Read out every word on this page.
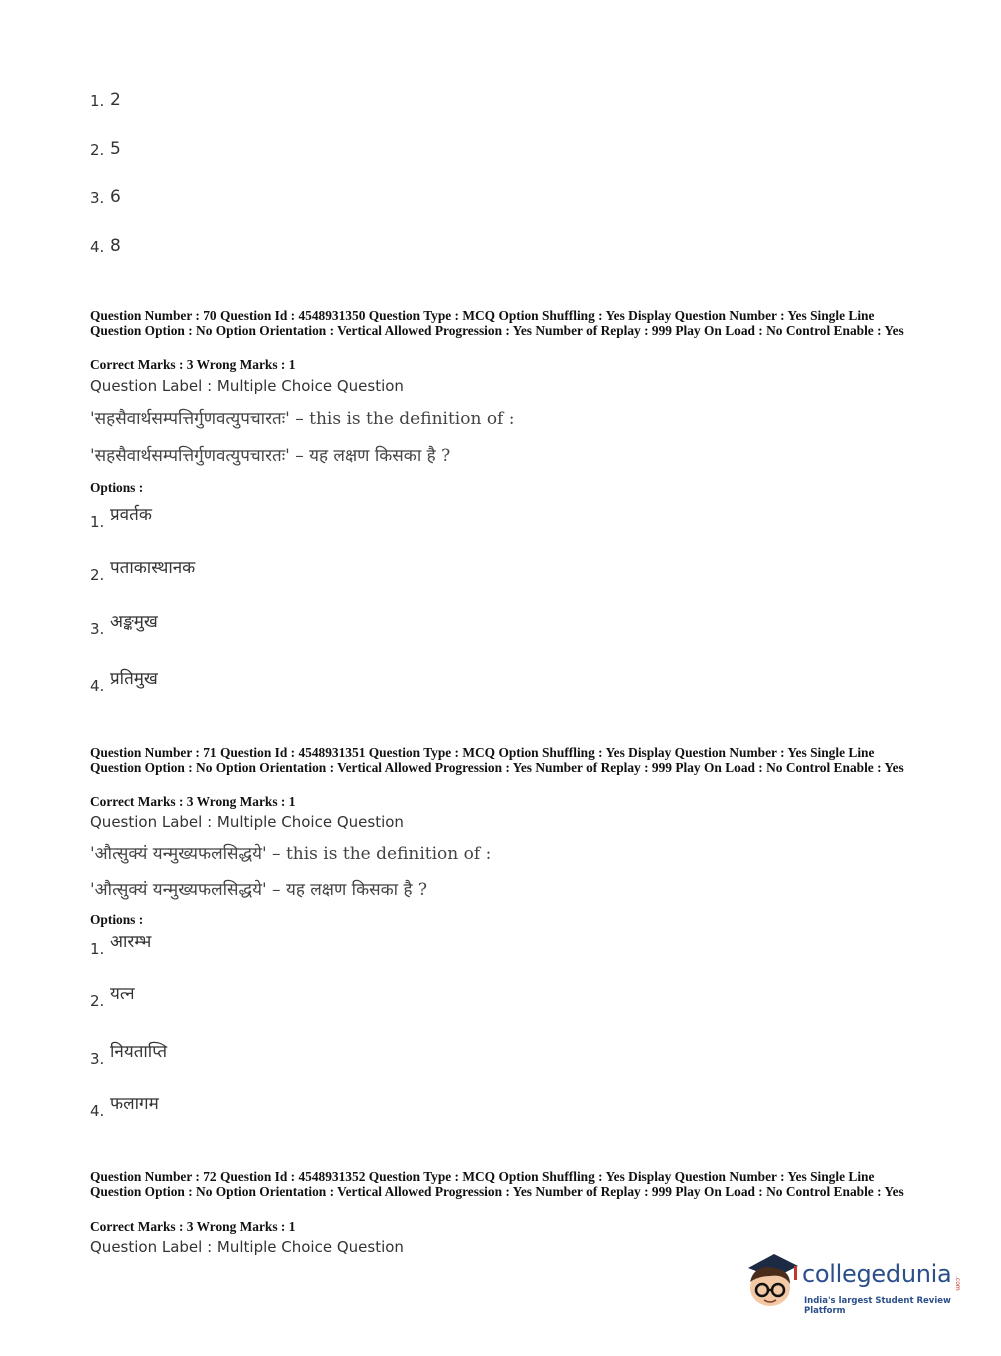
1. 2
2. 5
3. 6
4. 8
Question Number : 70 Question Id : 4548931350 Question Type : MCQ Option Shuffling : Yes Display Question Number : Yes Single Line Question Option : No Option Orientation : Vertical Allowed Progression : Yes Number of Replay : 999 Play On Load : No Control Enable : Yes
Correct Marks : 3 Wrong Marks : 1
Question Label : Multiple Choice Question
'सहसैवार्थसम्पत्तिर्गुणवत्युपचारतः' – this is the definition of :
'सहसैवार्थसम्पत्तिर्गुणवत्युपचारतः' – यह लक्षण किसका है ?
Options :
1. प्रवर्तक
2. पताकास्थानक
3. अङ्कमुख
4. प्रतिमुख
Question Number : 71 Question Id : 4548931351 Question Type : MCQ Option Shuffling : Yes Display Question Number : Yes Single Line Question Option : No Option Orientation : Vertical Allowed Progression : Yes Number of Replay : 999 Play On Load : No Control Enable : Yes
Correct Marks : 3 Wrong Marks : 1
Question Label : Multiple Choice Question
'औत्सुक्यं यन्मुख्यफलसिद्धये' – this is the definition of :
'औत्सुक्यं यन्मुख्यफलसिद्धये' – यह लक्षण किसका है ?
Options :
1. आरम्भ
2. यत्न
3. नियताप्ति
4. फलागम
Question Number : 72 Question Id : 4548931352 Question Type : MCQ Option Shuffling : Yes Display Question Number : Yes Single Line Question Option : No Option Orientation : Vertical Allowed Progression : Yes Number of Replay : 999 Play On Load : No Control Enable : Yes
Correct Marks : 3 Wrong Marks : 1
Question Label : Multiple Choice Question
collegedunia .com
India's largest Student Review Platform
